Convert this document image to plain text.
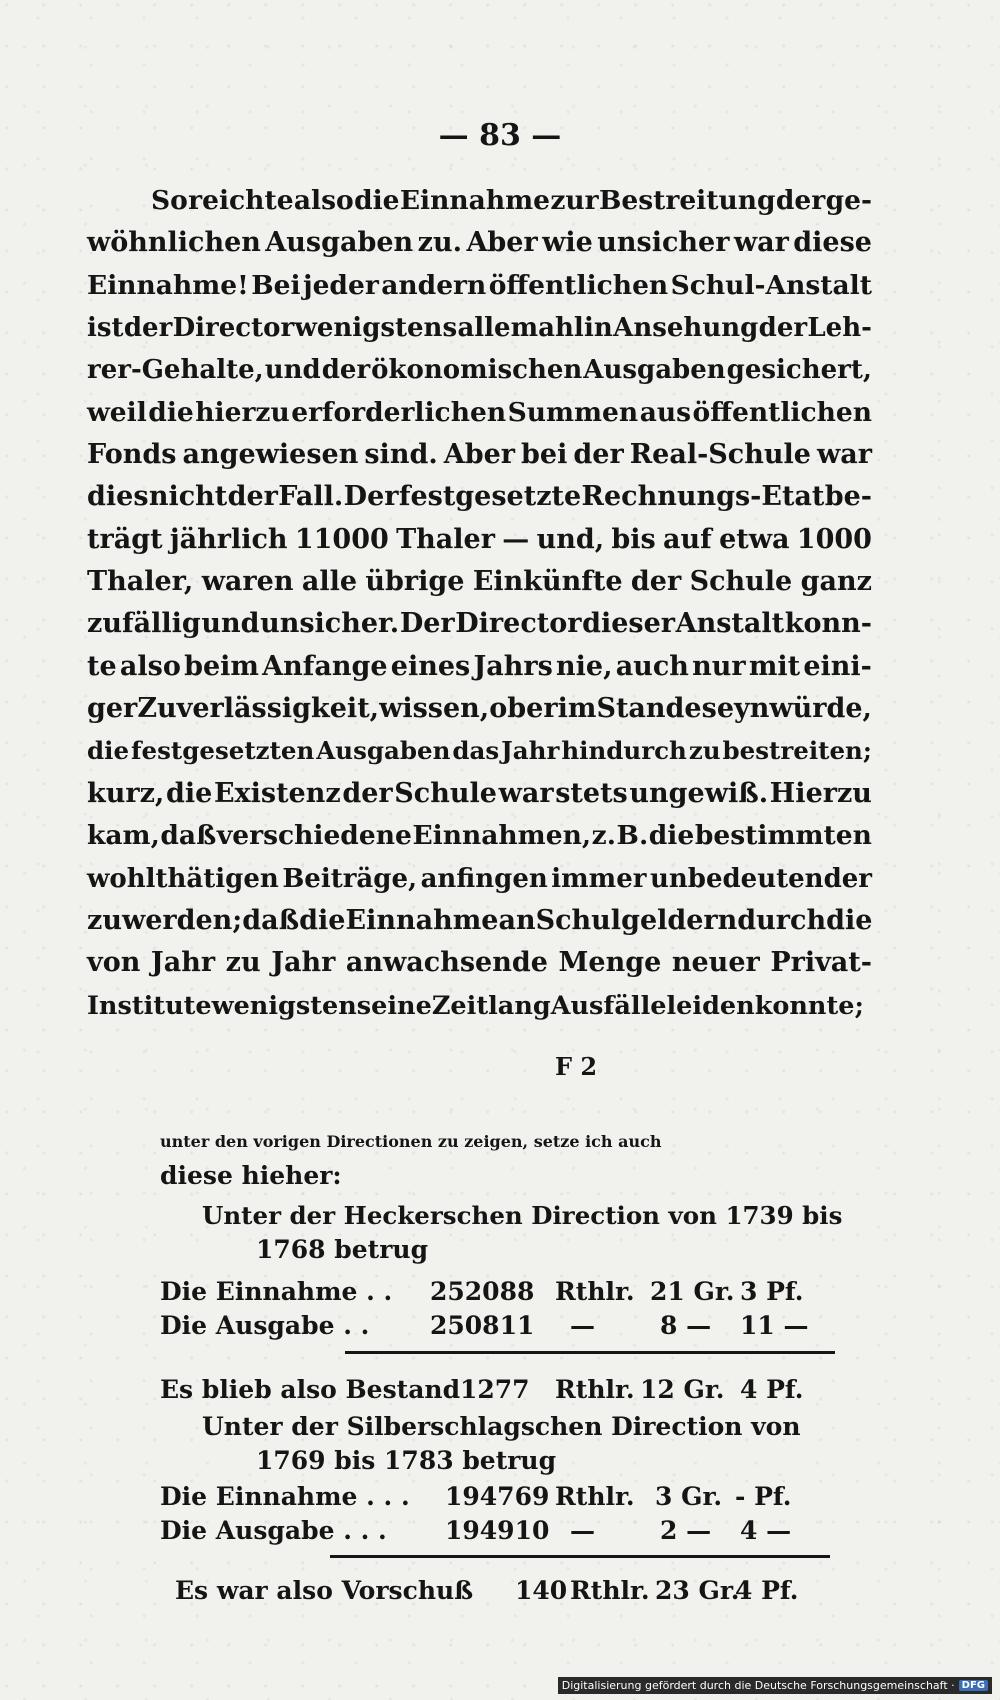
— 83 —
So reichte also die Einnahme zur Bestreitung der ge-
wöhnlichen Ausgaben zu. Aber wie unsicher war diese
Einnahme! Bei jeder andern öffentlichen Schul-Anstalt
ist der Director wenigstens allemahl in Ansehung der Leh-
rer-Gehalte, und der ökonomischen Ausgaben gesichert,
weil die hierzu erforderlichen Summen aus öffentlichen
Fonds angewiesen sind. Aber bei der Real-Schule war
dies nicht der Fall. Der festgesetzte Rechnungs-Etat be-
trägt jährlich 11000 Thaler — und, bis auf etwa 1000
Thaler, waren alle übrige Einkünfte der Schule ganz
zufällig und unsicher. Der Director dieser Anstalt konn-
te also beim Anfange eines Jahrs nie, auch nur mit eini-
ger Zuverlässigkeit, wissen, ob er im Stande seyn würde,
die festgesetzten Ausgaben das Jahr hindurch zu bestreiten;
kurz, die Existenz der Schule war stets ungewiß. Hierzu
kam, daß verschiedene Einnahmen, z. B. die bestimmten
wohlthätigen Beiträge, anfingen immer unbedeutender
zu werden; daß die Einnahme an Schulgeldern durch die
von Jahr zu Jahr anwachsende Menge neuer Privat-
Institute wenigstens eine Zeit lang Ausfälle leiden konnte;
F 2
unter den vorigen Directionen zu zeigen, setze ich auch
diese hieher:
Unter der Heckerschen Direction von 1739 bis
1768 betrug
Die Einnahme . . 252088 Rthlr. 21 Gr. 3 Pf.
Die Ausgabe . . 250811 —	8 — 11 —
Es blieb also Bestand 1277 Rthlr. 12 Gr. 4 Pf.
Unter der Silberschlagschen Direction von
1769 bis 1783 betrug
Die Einnahme . . . 194769 Rthlr. 3 Gr. - Pf.
Die Ausgabe . . . 194910 —	2 — 4 —
Es war also Vorschuß 140 Rthlr. 23 Gr.
4 Pf.
Digitalisierung gefördert durch die Deutsche Forschungsgemeinschaft · DFG
